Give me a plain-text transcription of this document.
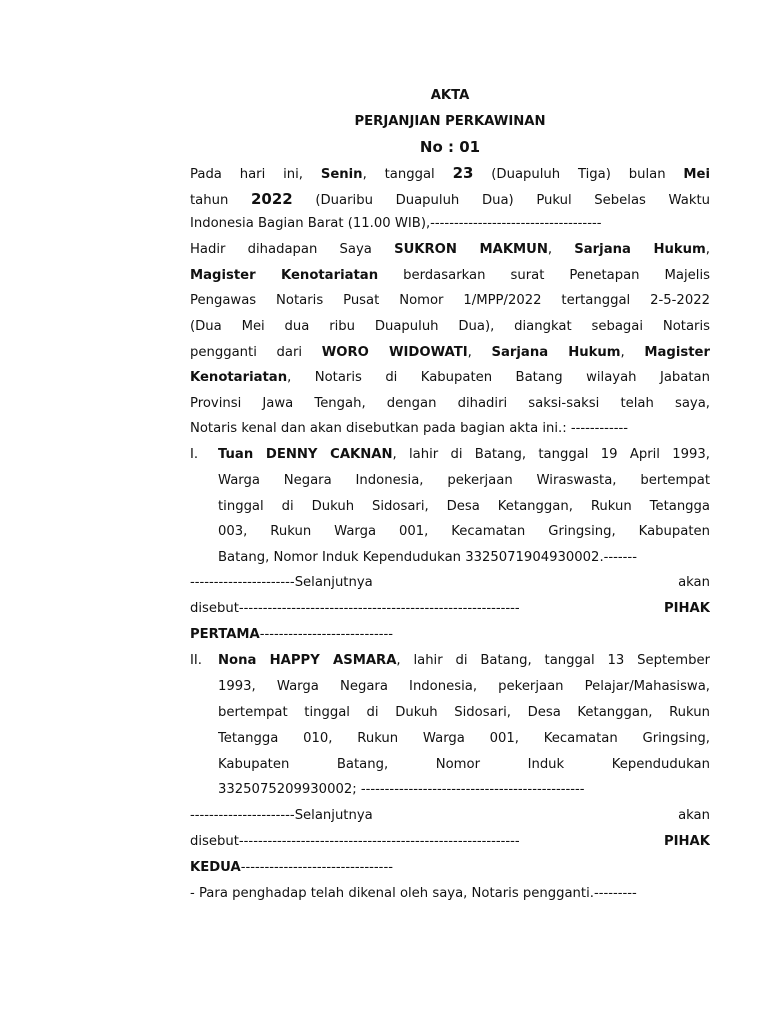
AKTA
PERJANJIAN PERKAWINAN
No : 01
Pada hari ini, Senin, tanggal 23 (Duapuluh Tiga) bulan Mei
tahun 2022 (Duaribu Duapuluh Dua) Pukul Sebelas Waktu
Indonesia Bagian Barat (11.00 WIB),------------------------------------
Hadir dihadapan Saya SUKRON MAKMUN, Sarjana Hukum,
Magister Kenotariatan berdasarkan surat Penetapan Majelis
Pengawas Notaris Pusat Nomor 1/MPP/2022 tertanggal 2-5-2022
(Dua Mei dua ribu Duapuluh Dua), diangkat sebagai Notaris
pengganti dari WORO WIDOWATI, Sarjana Hukum, Magister
Kenotariatan, Notaris di Kabupaten Batang wilayah Jabatan
Provinsi Jawa Tengah, dengan dihadiri saksi-saksi telah saya,
Notaris kenal dan akan disebutkan pada bagian akta ini.: ------------
I. Tuan DENNY CAKNAN, lahir di Batang, tanggal 19 April 1993,
Warga Negara Indonesia, pekerjaan Wiraswasta, bertempat
tinggal di Dukuh Sidosari, Desa Ketanggan, Rukun Tetangga
003, Rukun Warga 001, Kecamatan Gringsing, Kabupaten
Batang, Nomor Induk Kependudukan 3325071904930002.-------
----------------------Selanjutnya	akan
disebut-----------------------------------------------------------	PIHAK
PERTAMA----------------------------
II. Nona HAPPY ASMARA, lahir di Batang, tanggal 13 September
1993, Warga Negara Indonesia, pekerjaan Pelajar/Mahasiswa,
bertempat tinggal di Dukuh Sidosari, Desa Ketanggan, Rukun
Tetangga 010, Rukun Warga 001, Kecamatan Gringsing,
Kabupaten Batang, Nomor Induk Kependudukan
3325075209930002; -----------------------------------------------
----------------------Selanjutnya	akan
disebut-----------------------------------------------------------	PIHAK
KEDUA--------------------------------
- Para penghadap telah dikenal oleh saya, Notaris pengganti.---------
